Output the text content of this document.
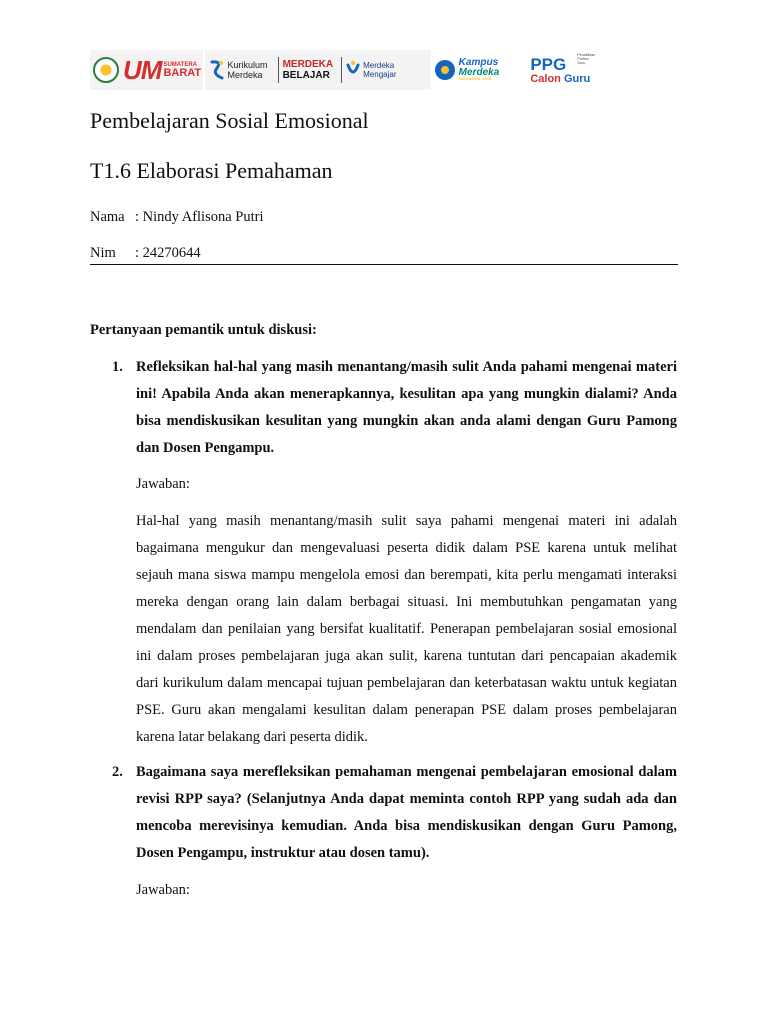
UM SUMATERA
BARAT
Kurikulum
Merdeka
MERDEKA
BELAJAR
Merdeka
Mengajar
Kampus
Merdeka
INDONESIA JAYA
PPG
Calon Guru
Pendidikan
Profesi
Guru
Pembelajaran Sosial Emosional
T1.6 Elaborasi Pemahaman
Nama : Nindy Aflisona Putri
Nim : 24270644
Pertanyaan pemantik untuk diskusi:
1. Refleksikan hal-hal yang masih menantang/masih sulit Anda pahami mengenai materi ini! Apabila Anda akan menerapkannya, kesulitan apa yang mungkin dialami? Anda bisa mendiskusikan kesulitan yang mungkin akan anda alami dengan Guru Pamong dan Dosen Pengampu.
Jawaban:
Hal-hal yang masih menantang/masih sulit saya pahami mengenai materi ini adalah bagaimana mengukur dan mengevaluasi peserta didik dalam PSE karena untuk melihat sejauh mana siswa mampu mengelola emosi dan berempati, kita perlu mengamati interaksi mereka dengan orang lain dalam berbagai situasi. Ini membutuhkan pengamatan yang mendalam dan penilaian yang bersifat kualitatif. Penerapan pembelajaran sosial emosional ini dalam proses pembelajaran juga akan sulit, karena tuntutan dari pencapaian akademik dari kurikulum dalam mencapai tujuan pembelajaran dan keterbatasan waktu untuk kegiatan PSE. Guru akan mengalami kesulitan dalam penerapan PSE dalam proses pembelajaran karena latar belakang dari peserta didik.
2. Bagaimana saya merefleksikan pemahaman mengenai pembelajaran emosional dalam revisi RPP saya? (Selanjutnya Anda dapat meminta contoh RPP yang sudah ada dan mencoba merevisinya kemudian. Anda bisa mendiskusikan dengan Guru Pamong, Dosen Pengampu, instruktur atau dosen tamu).
Jawaban:
